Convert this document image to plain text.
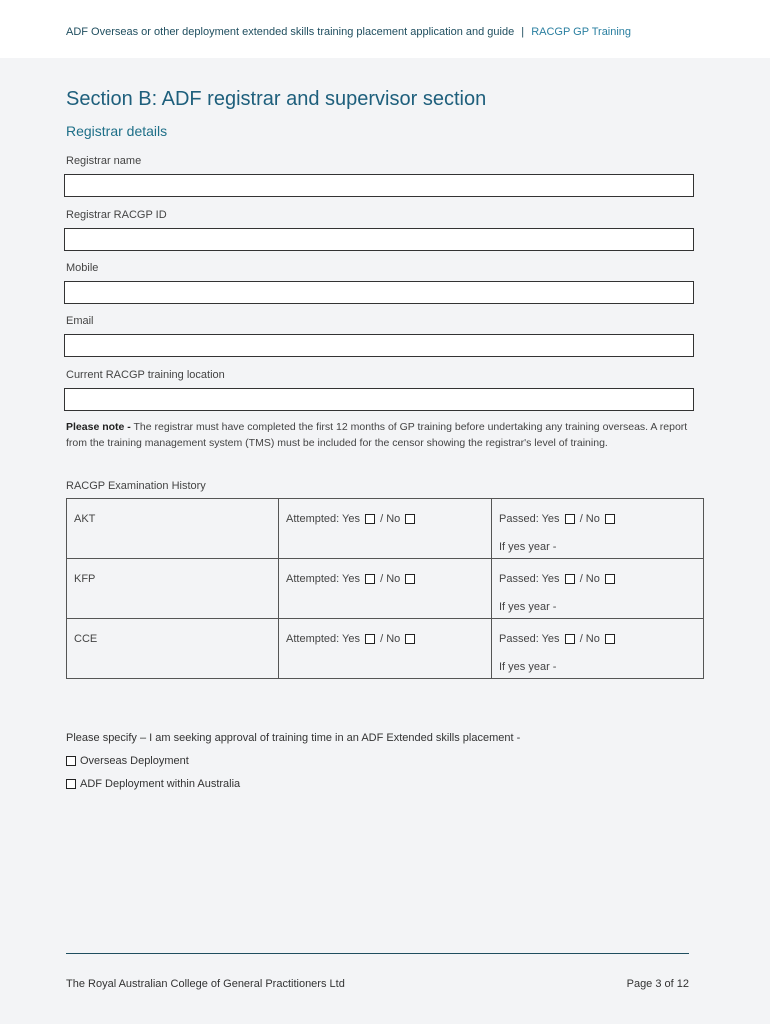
ADF Overseas or other deployment extended skills training placement application and guide | RACGP GP Training
Section B: ADF registrar and supervisor section
Registrar details
Registrar name
Registrar RACGP ID
Mobile
Email
Current RACGP training location
Please note - The registrar must have completed the first 12 months of GP training before undertaking any training overseas. A report from the training management system (TMS) must be included for the censor showing the registrar's level of training.
RACGP Examination History
AKT	Attempted: Yes / No	Passed: Yes / No
If yes year -

KFP	Attempted: Yes / No	Passed: Yes / No
If yes year -

CCE	Attempted: Yes / No	Passed: Yes / No
If yes year -
Please specify – I am seeking approval of training time in an ADF Extended skills placement -
Overseas Deployment
ADF Deployment within Australia
The Royal Australian College of General Practitioners Ltd	Page 3 of 12
